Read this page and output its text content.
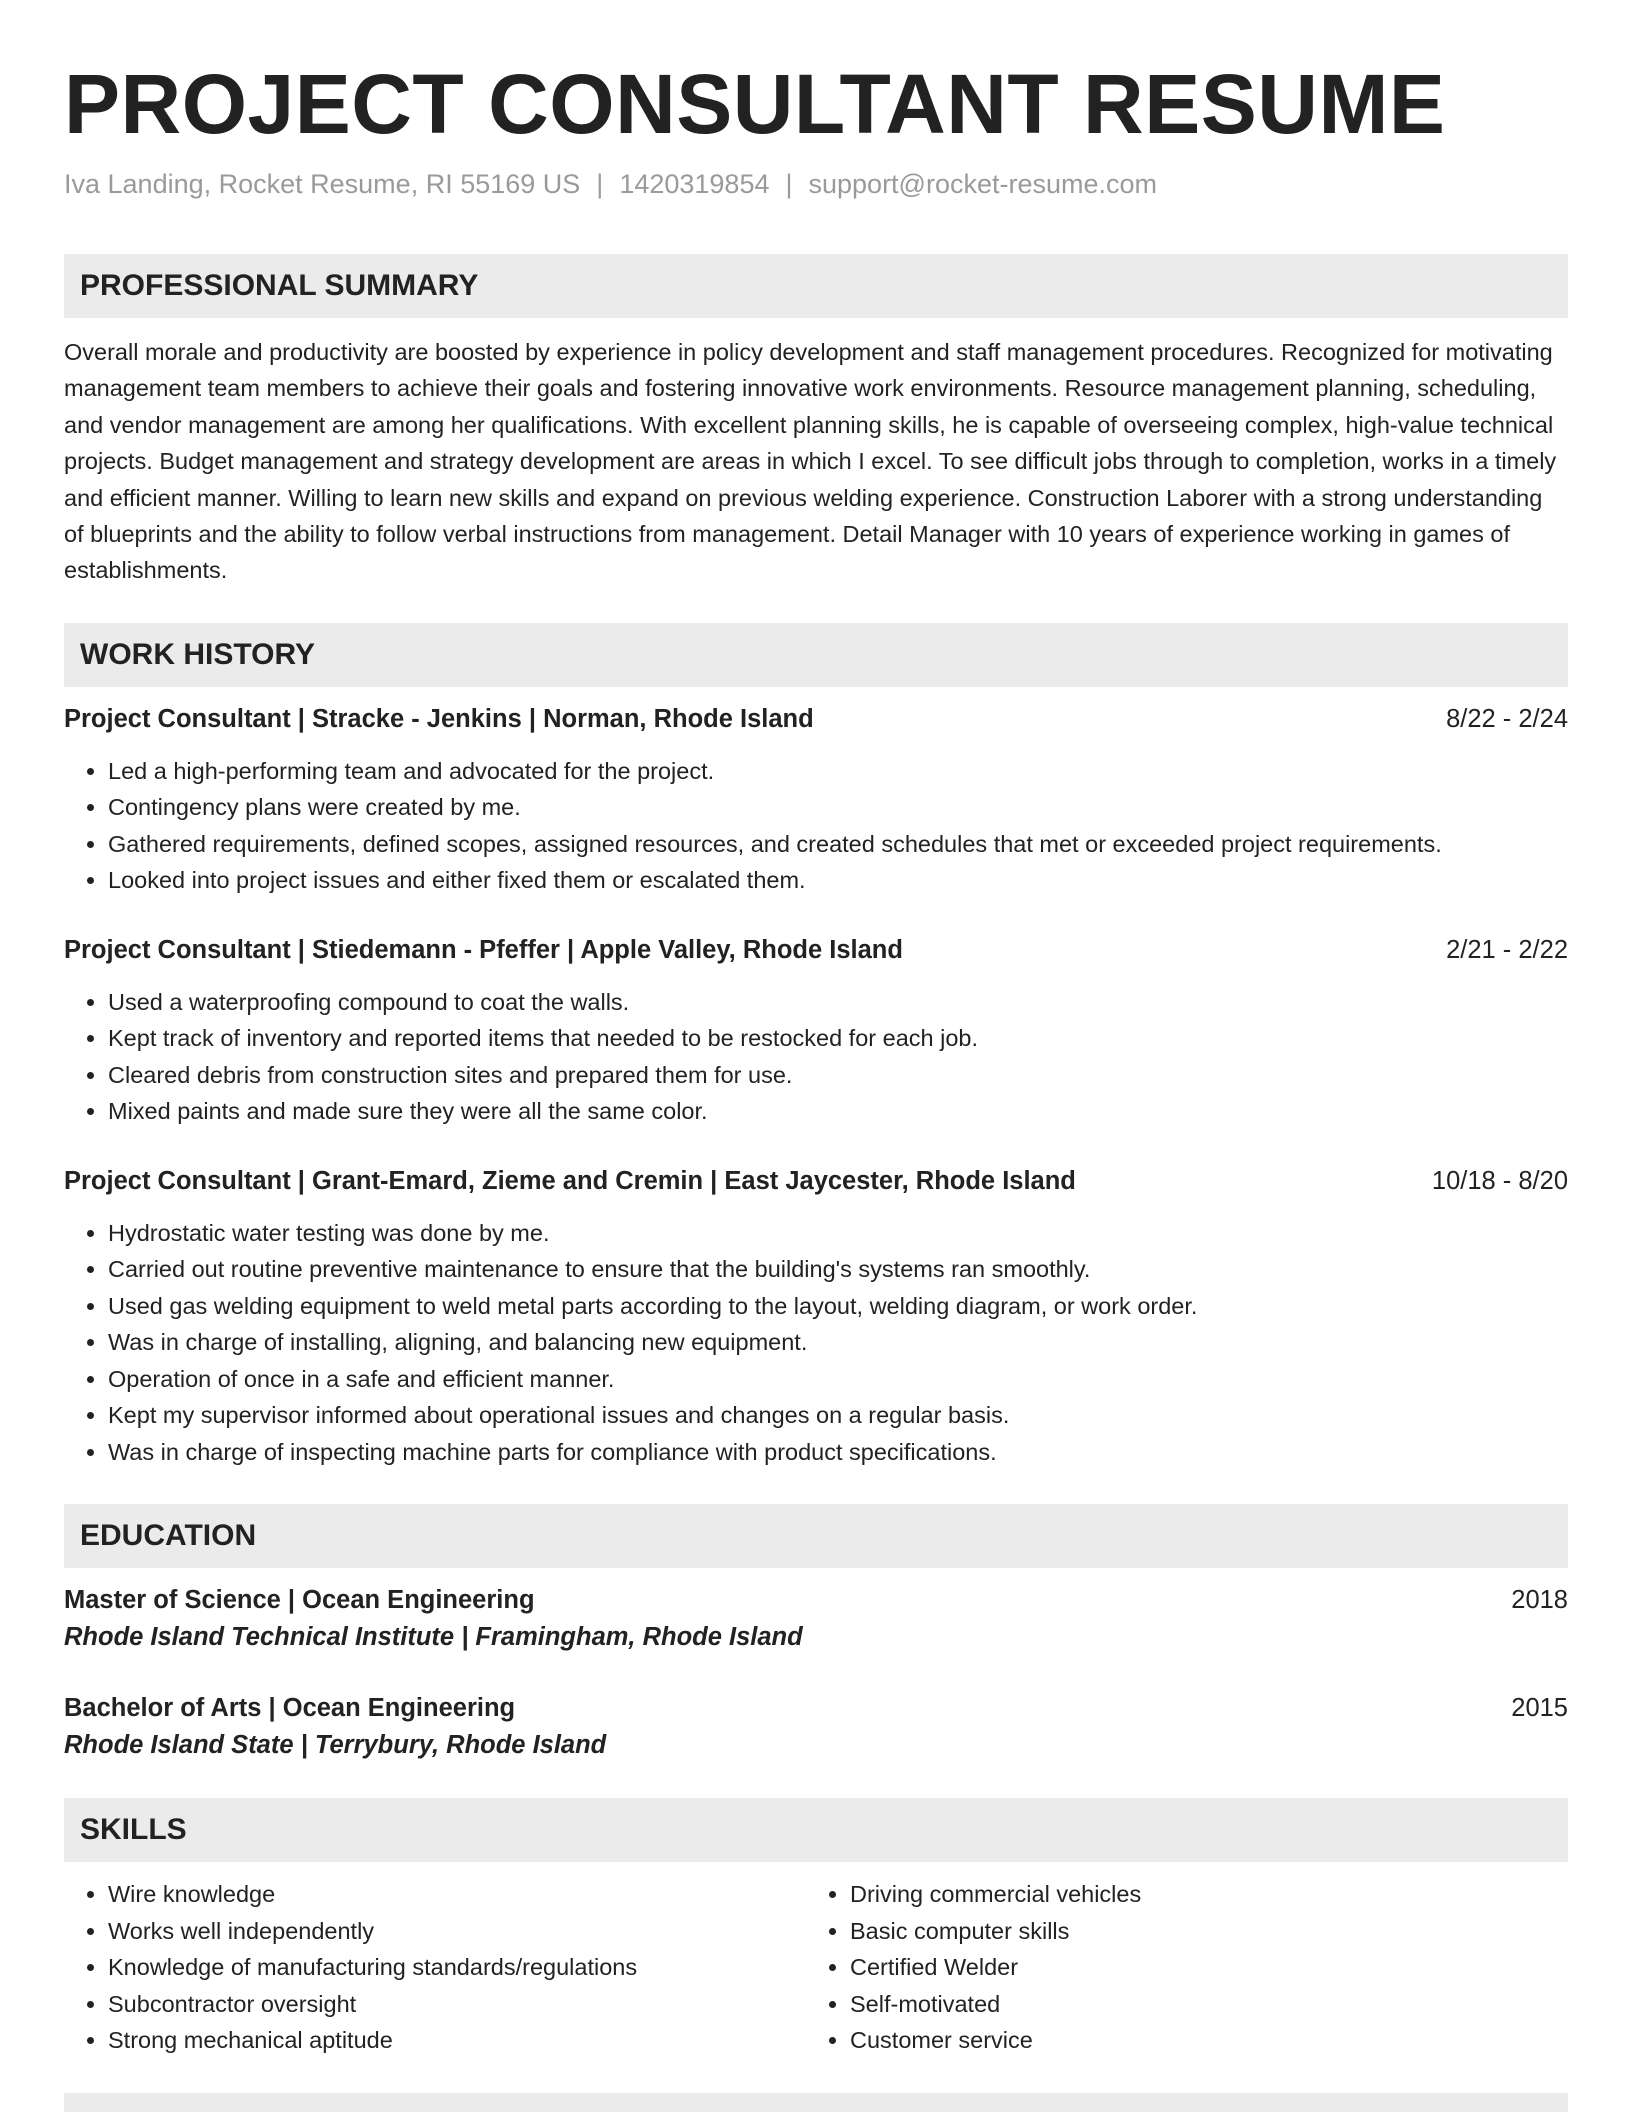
PROJECT CONSULTANT RESUME
Iva Landing, Rocket Resume, RI 55169 US | 1420319854 | support@rocket-resume.com
PROFESSIONAL SUMMARY
Overall morale and productivity are boosted by experience in policy development and staff management procedures. Recognized for motivating management team members to achieve their goals and fostering innovative work environments. Resource management planning, scheduling, and vendor management are among her qualifications. With excellent planning skills, he is capable of overseeing complex, high-value technical projects. Budget management and strategy development are areas in which I excel. To see difficult jobs through to completion, works in a timely and efficient manner. Willing to learn new skills and expand on previous welding experience. Construction Laborer with a strong understanding of blueprints and the ability to follow verbal instructions from management. Detail Manager with 10 years of experience working in games of establishments.
WORK HISTORY
Project Consultant | Stracke - Jenkins | Norman, Rhode Island	8/22 - 2/24
• Led a high-performing team and advocated for the project.
• Contingency plans were created by me.
• Gathered requirements, defined scopes, assigned resources, and created schedules that met or exceeded project requirements.
• Looked into project issues and either fixed them or escalated them.
Project Consultant | Stiedemann - Pfeffer | Apple Valley, Rhode Island	2/21 - 2/22
• Used a waterproofing compound to coat the walls.
• Kept track of inventory and reported items that needed to be restocked for each job.
• Cleared debris from construction sites and prepared them for use.
• Mixed paints and made sure they were all the same color.
Project Consultant | Grant-Emard, Zieme and Cremin | East Jaycester, Rhode Island	10/18 - 8/20
• Hydrostatic water testing was done by me.
• Carried out routine preventive maintenance to ensure that the building's systems ran smoothly.
• Used gas welding equipment to weld metal parts according to the layout, welding diagram, or work order.
• Was in charge of installing, aligning, and balancing new equipment.
• Operation of once in a safe and efficient manner.
• Kept my supervisor informed about operational issues and changes on a regular basis.
• Was in charge of inspecting machine parts for compliance with product specifications.
EDUCATION
Master of Science | Ocean Engineering	2018
Rhode Island Technical Institute | Framingham, Rhode Island
Bachelor of Arts | Ocean Engineering	2015
Rhode Island State | Terrybury, Rhode Island
SKILLS
• Wire knowledge
• Works well independently
• Knowledge of manufacturing standards/regulations
• Subcontractor oversight
• Strong mechanical aptitude
• Driving commercial vehicles
• Basic computer skills
• Certified Welder
• Self-motivated
• Customer service
